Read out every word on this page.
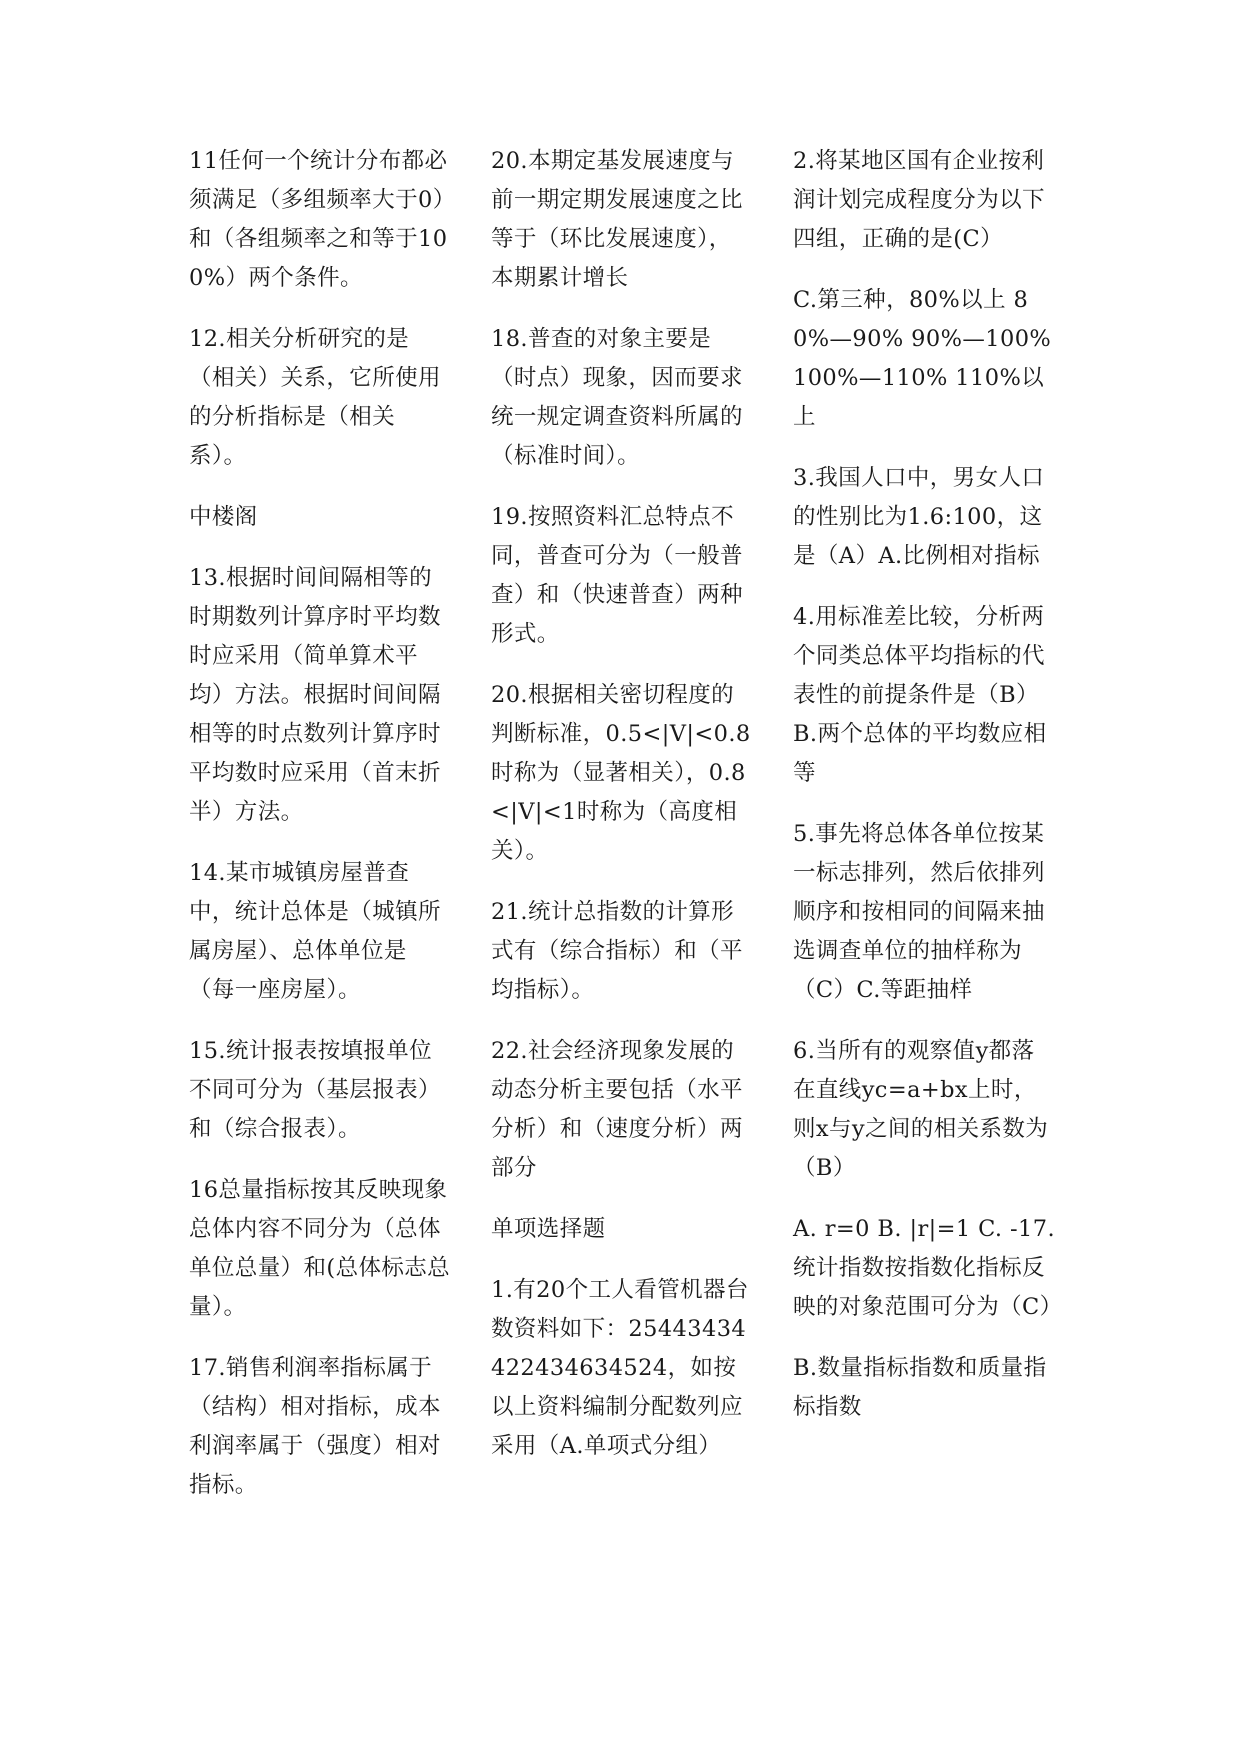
11任何一个统计分布都必须满足（多组频率大于0）和（各组频率之和等于100%）两个条件。

12.相关分析研究的是（相关）关系，它所使用的分析指标是（相关系）。

中楼阁

13.根据时间间隔相等的时期数列计算序时平均数时应采用（简单算术平均）方法。根据时间间隔相等的时点数列计算序时平均数时应采用（首末折半）方法。

14.某市城镇房屋普查中，统计总体是（城镇所属房屋）、总体单位是（每一座房屋）。

15.统计报表按填报单位不同可分为（基层报表）和（综合报表）。

16总量指标按其反映现象总体内容不同分为（总体单位总量）和(总体标志总量）。

17.销售利润率指标属于（结构）相对指标，成本利润率属于（强度）相对指标。

20.本期定基发展速度与前一期定期发展速度之比等于（环比发展速度），本期累计增长

18.普查的对象主要是（时点）现象，因而要求统一规定调查资料所属的（标准时间）。

19.按照资料汇总特点不同，普查可分为（一般普查）和（快速普查）两种形式。

20.根据相关密切程度的判断标准，0.5<|V|<0.8时称为（显著相关），0.8<|V|<1时称为（高度相关）。

21.统计总指数的计算形式有（综合指标）和（平均指标）。

22.社会经济现象发展的动态分析主要包括（水平分析）和（速度分析）两部分

单项选择题

1.有20个工人看管机器台数资料如下：25443434422434634524，如按以上资料编制分配数列应采用（A.单项式分组）

2.将某地区国有企业按利润计划完成程度分为以下四组，正确的是(C）

C.第三种，80%以上 80%—90% 90%—100% 100%—110% 110%以上

3.我国人口中，男女人口的性别比为1.6:100，这是（A）A.比例相对指标

4.用标准差比较，分析两个同类总体平均指标的代表性的前提条件是（B）B.两个总体的平均数应相等

5.事先将总体各单位按某一标志排列，然后依排列顺序和按相同的间隔来抽选调查单位的抽样称为（C）C.等距抽样

6.当所有的观察值y都落在直线yc=a+bx上时，则x与y之间的相关系数为（B）

A. r=0 B. |r|=1 C. -17.统计指数按指数化指标反映的对象范围可分为（C）

B.数量指标指数和质量指标指数
